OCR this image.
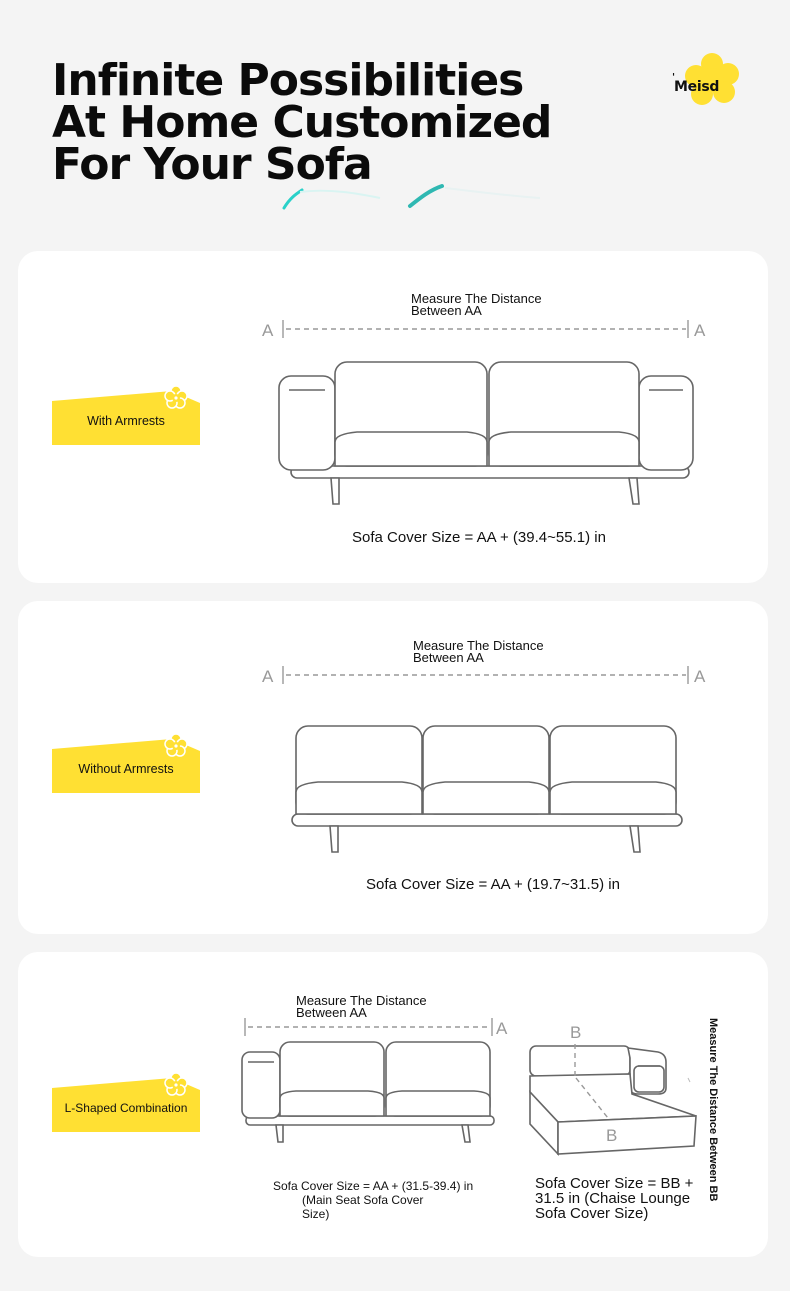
Infinite Possibilities
At Home Customized
For Your Sofa
'
Meisd
With Armrests
Measure The Distance
Between AA
A	A
Sofa Cover Size = AA + (39.4~55.1) in
Without Armrests
Measure The Distance
Between AA
A	A
Sofa Cover Size = AA + (19.7~31.5) in
L-Shaped Combination
Measure The Distance
Between AA
A	B
B
Sofa Cover Size = AA + (31.5-39.4) in
(Main Seat Sofa Cover
Size)
Sofa Cover Size = BB +
31.5 in (Chaise Lounge
Sofa Cover Size)
Measure The Distance Between BB
